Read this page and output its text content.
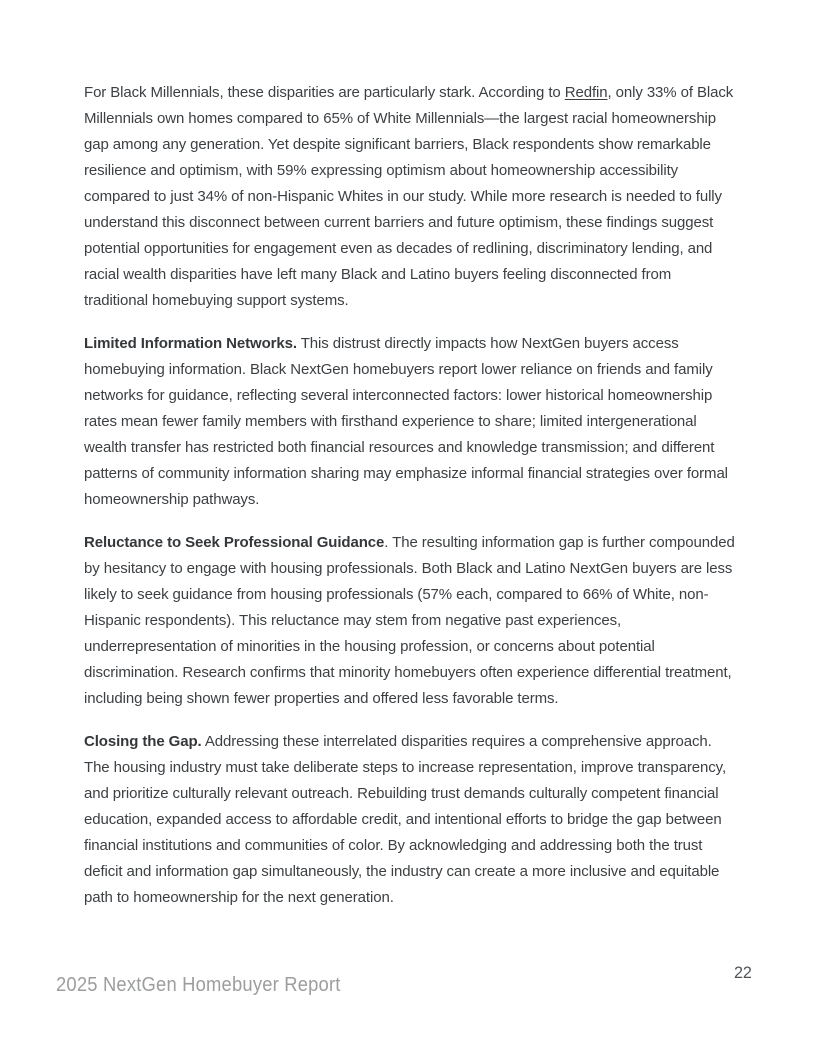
For Black Millennials, these disparities are particularly stark. According to Redfin, only 33% of Black Millennials own homes compared to 65% of White Millennials—the largest racial homeownership gap among any generation. Yet despite significant barriers, Black respondents show remarkable resilience and optimism, with 59% expressing optimism about homeownership accessibility compared to just 34% of non-Hispanic Whites in our study. While more research is needed to fully understand this disconnect between current barriers and future optimism, these findings suggest potential opportunities for engagement even as decades of redlining, discriminatory lending, and racial wealth disparities have left many Black and Latino buyers feeling disconnected from traditional homebuying support systems.

Limited Information Networks. This distrust directly impacts how NextGen buyers access homebuying information. Black NextGen homebuyers report lower reliance on friends and family networks for guidance, reflecting several interconnected factors: lower historical homeownership rates mean fewer family members with firsthand experience to share; limited intergenerational wealth transfer has restricted both financial resources and knowledge transmission; and different patterns of community information sharing may emphasize informal financial strategies over formal homeownership pathways.

Reluctance to Seek Professional Guidance. The resulting information gap is further compounded by hesitancy to engage with housing professionals. Both Black and Latino NextGen buyers are less likely to seek guidance from housing professionals (57% each, compared to 66% of White, non-Hispanic respondents). This reluctance may stem from negative past experiences, underrepresentation of minorities in the housing profession, or concerns about potential discrimination. Research confirms that minority homebuyers often experience differential treatment, including being shown fewer properties and offered less favorable terms.

Closing the Gap. Addressing these interrelated disparities requires a comprehensive approach. The housing industry must take deliberate steps to increase representation, improve transparency, and prioritize culturally relevant outreach. Rebuilding trust demands culturally competent financial education, expanded access to affordable credit, and intentional efforts to bridge the gap between financial institutions and communities of color. By acknowledging and addressing both the trust deficit and information gap simultaneously, the industry can create a more inclusive and equitable path to homeownership for the next generation.

2025 NextGen Homebuyer Report
22
